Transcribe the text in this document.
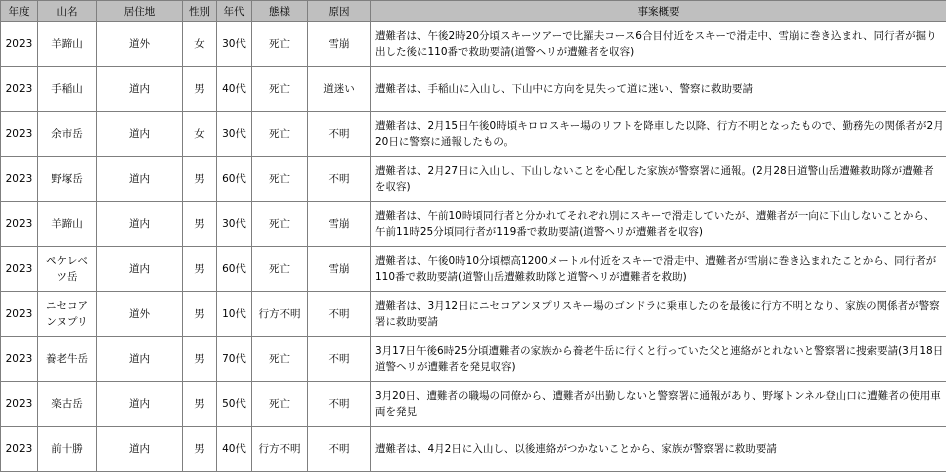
年度	山名	居住地	性別	年代	態様	原因	事案概要
2023	羊蹄山	道外	女	30代	死亡	雪崩	遭難者は、午後2時20分頃スキーツアーで比羅夫コース6合目付近をスキーで滑走中、雪崩に巻き込まれ、同行者が掘り出した後に110番で救助要請(道警ヘリが遭難者を収容)
2023	手稲山	道内	男	40代	死亡	道迷い	遭難者は、手稲山に入山し、下山中に方向を見失って道に迷い、警察に救助要請
2023	余市岳	道内	女	30代	死亡	不明	遭難者は、2月15日午後0時頃キロロスキー場のリフトを降車した以降、行方不明となったもので、勤務先の関係者が2月20日に警察に通報したもの。
2023	野塚岳	道内	男	60代	死亡	不明	遭難者は、2月27日に入山し、下山しないことを心配した家族が警察署に通報。(2月28日道警山岳遭難救助隊が遭難者を収容)
2023	羊蹄山	道内	男	30代	死亡	雪崩	遭難者は、午前10時頃同行者と分かれてそれぞれ別にスキーで滑走していたが、遭難者が一向に下山しないことから、午前11時25分頃同行者が119番で救助要請(道警ヘリが遭難者を収容)
2023	ペケレベツ岳	道内	男	60代	死亡	雪崩	遭難者は、午後0時10分頃標高1200メートル付近をスキーで滑走中、遭難者が雪崩に巻き込まれたことから、同行者が110番で救助要請(道警山岳遭難救助隊と道警ヘリが遭難者を救助)
2023	ニセコアンヌプリ	道外	男	10代	行方不明	不明	遭難者は、3月12日にニセコアンヌプリスキー場のゴンドラに乗車したのを最後に行方不明となり、家族の関係者が警察署に救助要請
2023	養老牛岳	道内	男	70代	死亡	不明	3月17日午後6時25分頃遭難者の家族から養老牛岳に行くと行っていた父と連絡がとれないと警察署に捜索要請(3月18日道警ヘリが遭難者を発見収容)
2023	楽古岳	道内	男	50代	死亡	不明	3月20日、遭難者の職場の同僚から、遭難者が出勤しないと警察署に通報があり、野塚トンネル登山口に遭難者の使用車両を発見
2023	前十勝	道内	男	40代	行方不明	不明	遭難者は、4月2日に入山し、以後連絡がつかないことから、家族が警察署に救助要請
